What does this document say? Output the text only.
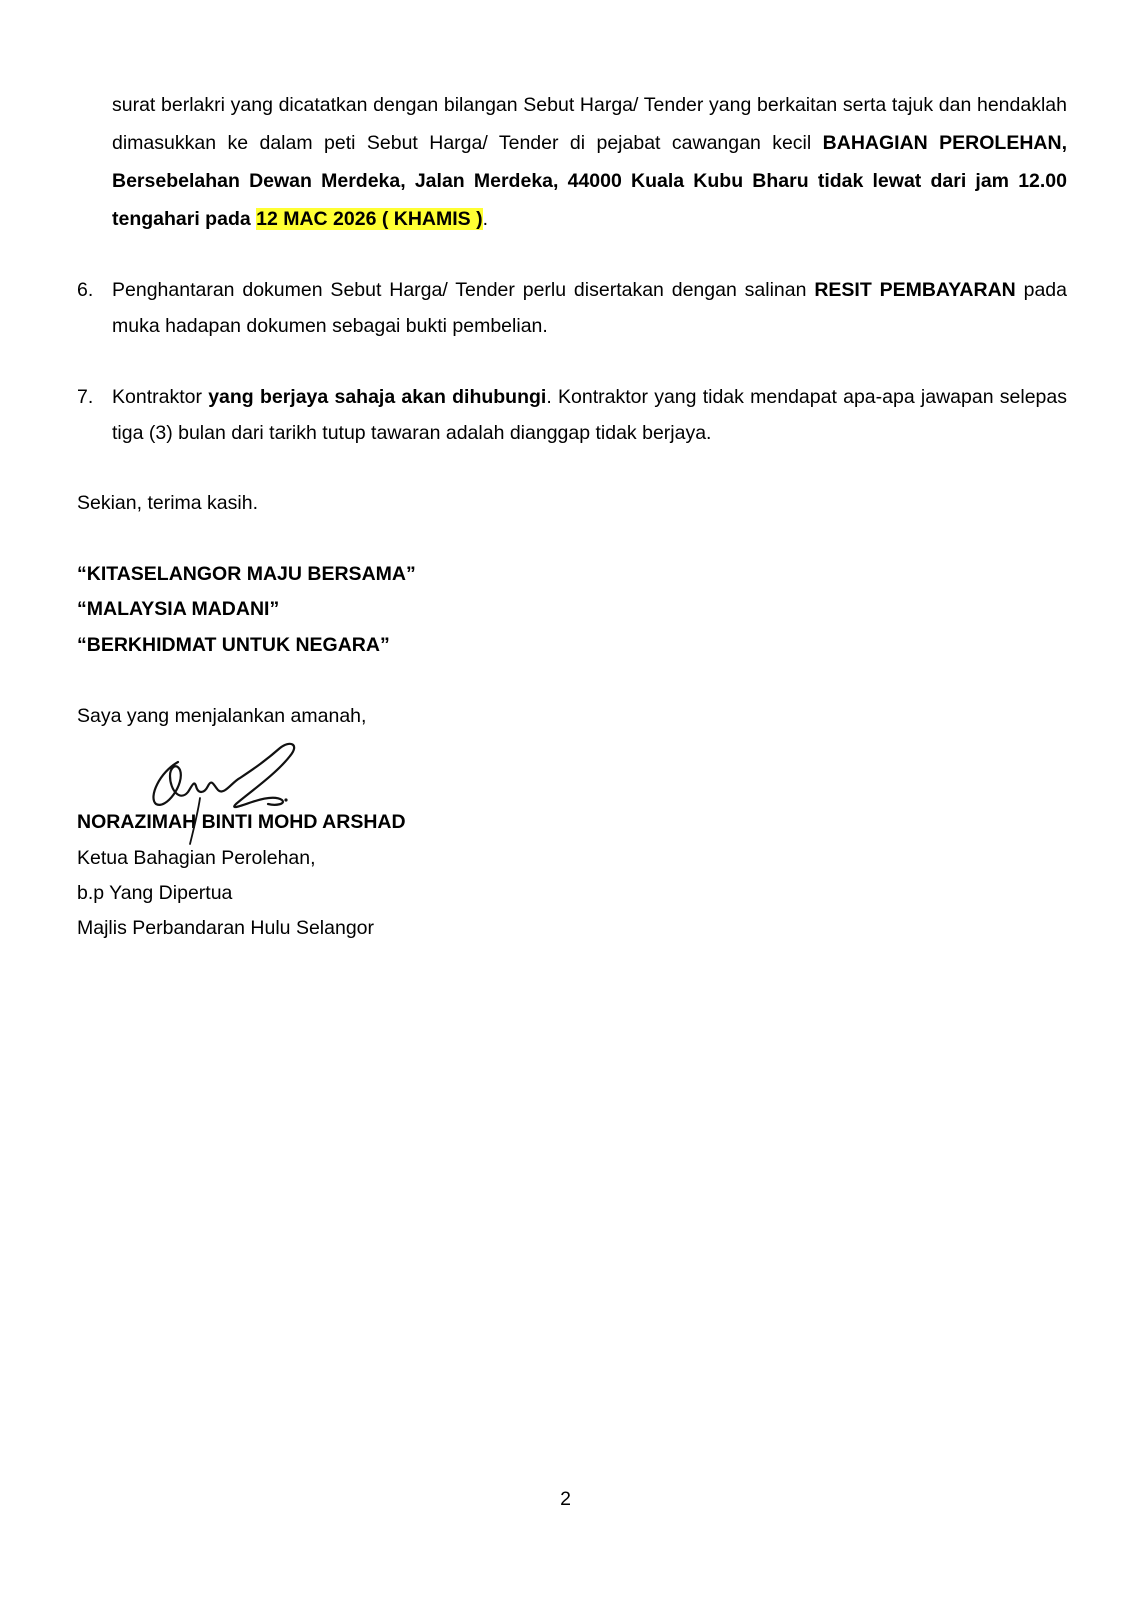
surat berlakri yang dicatatkan dengan bilangan Sebut Harga/ Tender yang berkaitan serta tajuk dan hendaklah dimasukkan ke dalam peti Sebut Harga/ Tender di pejabat cawangan kecil BAHAGIAN PEROLEHAN, Bersebelahan Dewan Merdeka, Jalan Merdeka, 44000 Kuala Kubu Bharu tidak lewat dari jam 12.00 tengahari pada 12 MAC 2026 ( KHAMIS ).

6. Penghantaran dokumen Sebut Harga/ Tender perlu disertakan dengan salinan RESIT PEMBAYARAN pada muka hadapan dokumen sebagai bukti pembelian.

7. Kontraktor yang berjaya sahaja akan dihubungi. Kontraktor yang tidak mendapat apa-apa jawapan selepas tiga (3) bulan dari tarikh tutup tawaran adalah dianggap tidak berjaya.

Sekian, terima kasih.

“KITASELANGOR MAJU BERSAMA”

“MALAYSIA MADANI”

“BERKHIDMAT UNTUK NEGARA”

Saya yang menjalankan amanah,

NORAZIMAH BINTI MOHD ARSHAD

Ketua Bahagian Perolehan,

b.p Yang Dipertua

Majlis Perbandaran Hulu Selangor

2
